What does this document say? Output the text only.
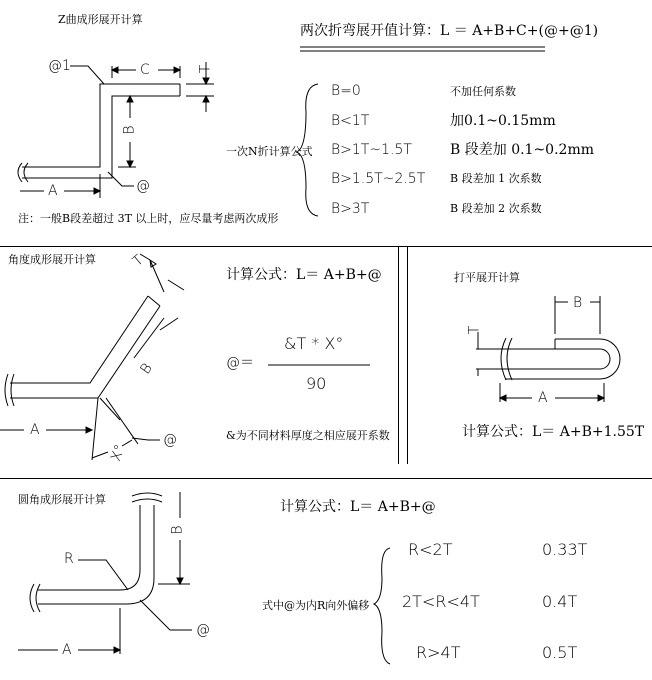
Z曲成形展开计算
@1	C	T
B
A	@
注：一般B段差超过 3T 以上时，应尽量考虑两次成形
两次折弯展开值计算：L ＝ A+B+C+(@+@1)
一次N折计算公式
B=0	不加任何系数
B<1T	加0.1~0.15mm
B>1T~1.5T	B 段差加 0.1~0.2mm
B>1.5T~2.5T B 段差加 1 次系数
B>3T	B 段差加 2 次系数
角度成形展开计算 T
B
A
X°
@
计算公式：L＝ A+B+@
@＝
&T * X°
90
&为不同材料厚度之相应展开系数
打平展开计算
B
T
A
计算公式：L＝ A+B+1.55T
圆角成形展开计算
R
B
A
@
计算公式：L＝ A+B+@
式中@为内R向外偏移
R<2T	0.33T
2T<R<4T	0.4T
R>4T	0.5T
